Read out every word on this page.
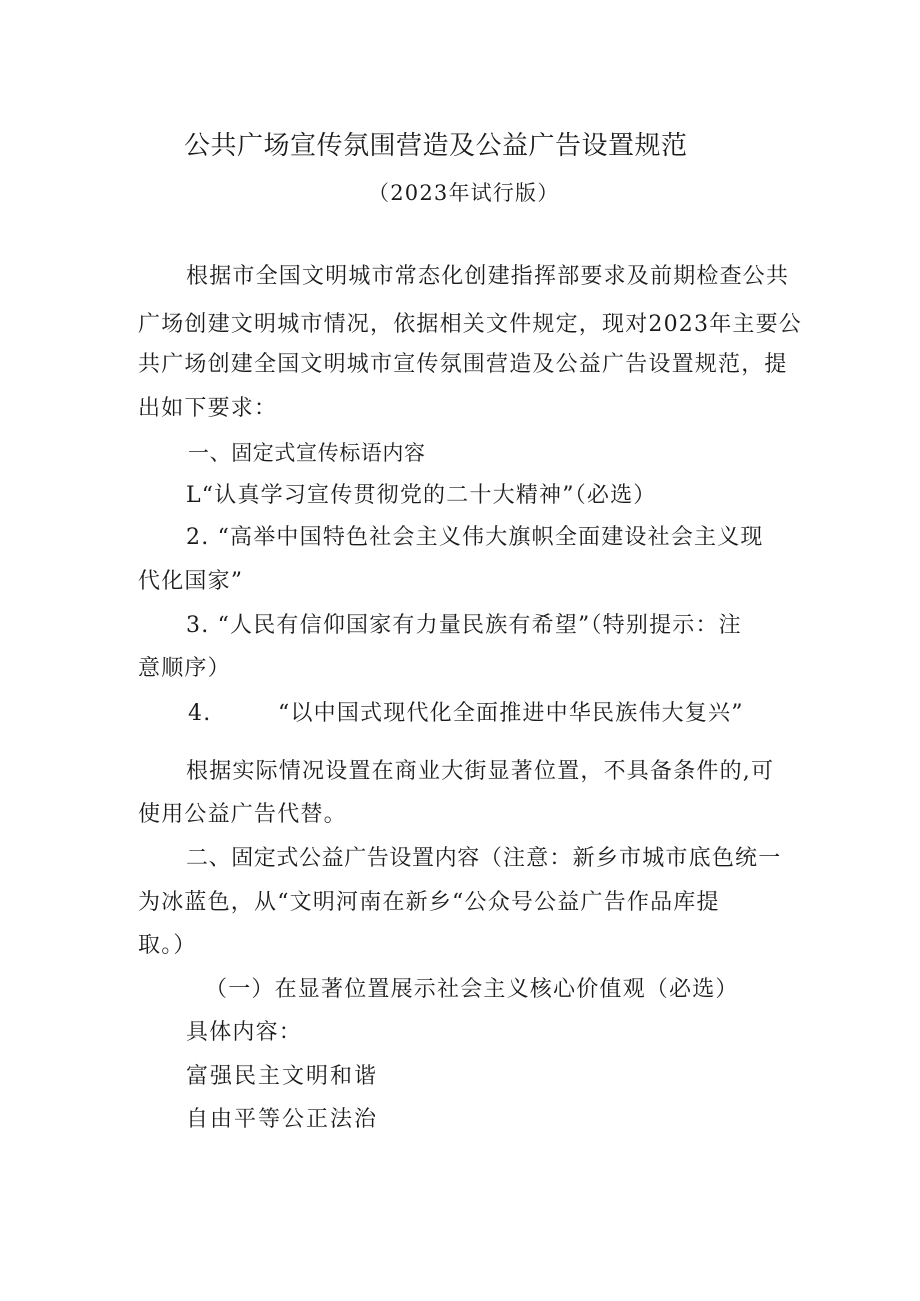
公共广场宣传氛围营造及公益广告设置规范
（2023年试行版）
根据市全国文明城市常态化创建指挥部要求及前期检查公共
广场创建文明城市情况，依据相关文件规定，现对2023年主要公
共广场创建全国文明城市宣传氛围营造及公益广告设置规范，提
出如下要求：
一、固定式宣传标语内容
L“认真学习宣传贯彻党的二十大精神”（必选）
2. “高举中国特色社会主义伟大旗帜全面建设社会主义现
代化国家”
3. “人民有信仰国家有力量民族有希望”（特别提示：注
意顺序）
4.	“以中国式现代化全面推进中华民族伟大复兴”
根据实际情况设置在商业大街显著位置，不具备条件的,可
使用公益广告代替。
二、固定式公益广告设置内容（注意：新乡市城市底色统一
为冰蓝色，从“文明河南在新乡“公众号公益广告作品库提
取。）
（一）在显著位置展示社会主义核心价值观（必选）
具体内容：
富强民主文明和谐
自由平等公正法治
